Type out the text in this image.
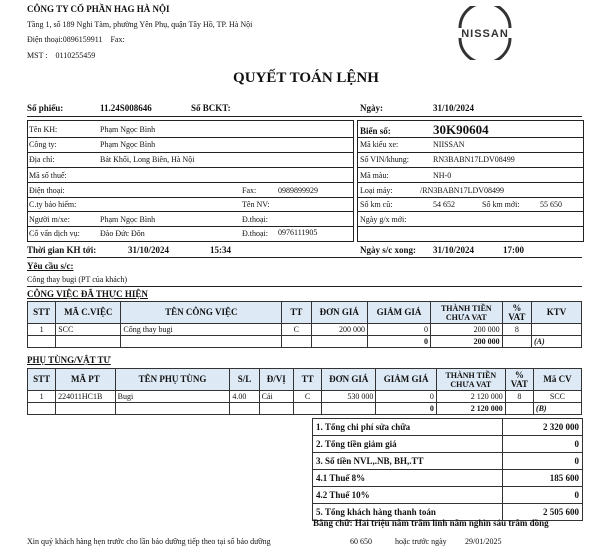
CÔNG TY CỔ PHẦN HAG HÀ NỘI
Tầng 1, số 189 Nghi Tàm, phường Yên Phụ, quận Tây Hồ, TP. Hà Nội
Điện thoại:0896159911 Fax:
MST : 0110255459
NISSAN
QUYẾT TOÁN LỆNH
Số phiếu:	11.24S008646	Số BCKT:	Ngày:	31/10/2024
Tên KH:	Phạm Ngọc Bình
Công ty:	Phạm Ngọc Bình
Địa chỉ:	Bát Khối, Long Biên, Hà Nội
Mã số thuế:
Điện thoại:	Fax:	0989899929
C.ty bảo hiểm:	Tên NV:
Người m/xe:	Phạm Ngọc Bình	Đ.thoại:
Cố vấn dịch vụ:	Đào Đức Đôn	Đ.thoại: 0976111905
Biển số:	30K90604
Mã kiểu xe:	NIISSAN
Số VIN/khung:	RN3BABN17LDV08499
Mã màu:	NH-0
Loại máy:	/RN3BABN17LDV08499
Số km cũ:	54 652	Số km mới:	55 650
Ngày g/x mới:
Thời gian KH tới:	31/10/2024	15:34	Ngày s/c xong: 31/10/2024	17:00
Yêu cầu s/c:
Công thay bugi (PT của khách)
CÔNG VIỆC ĐÃ THỰC HIỆN
STT	MÃ C.VIỆC	TÊN CÔNG VIỆC	TT	ĐƠN GIÁ	GIẢM GIÁ	THÀNH TIỀN CHƯA VAT	% VAT	KTV
1	SCC	Công thay bugi	C	200 000	0	200 000	8	
					0	200 000		(A)
PHỤ TÙNG/VẬT TƯ
STT	MÃ PT	TÊN PHỤ TÙNG	S/L	Đ/VỊ	TT	ĐƠN GIÁ	GIẢM GIÁ	THÀNH TIỀN CHƯA VAT	% VAT	Mã CV
1	224011HC1B	Bugi	4.00	Cái	C	530 000	0	2 120 000	8	SCC
							0	2 120 000		(B)
1. Tổng chi phí sửa chữa	2 320 000
2. Tổng tiền giảm giá	0
3. Số tiền NVL,.NB, BH,.TT	0
4.1 Thuế 8%	185 600
4.2 Thuế 10%	0
5. Tổng khách hàng thanh toán	2 505 600
Bằng chữ: Hai triệu năm trăm linh năm nghìn sáu trăm đồng
Xin quý khách hàng hẹn trước cho lần bảo dưỡng tiếp theo tại số bảo dưỡng	60 650	hoặc trước ngày 29/01/2025
